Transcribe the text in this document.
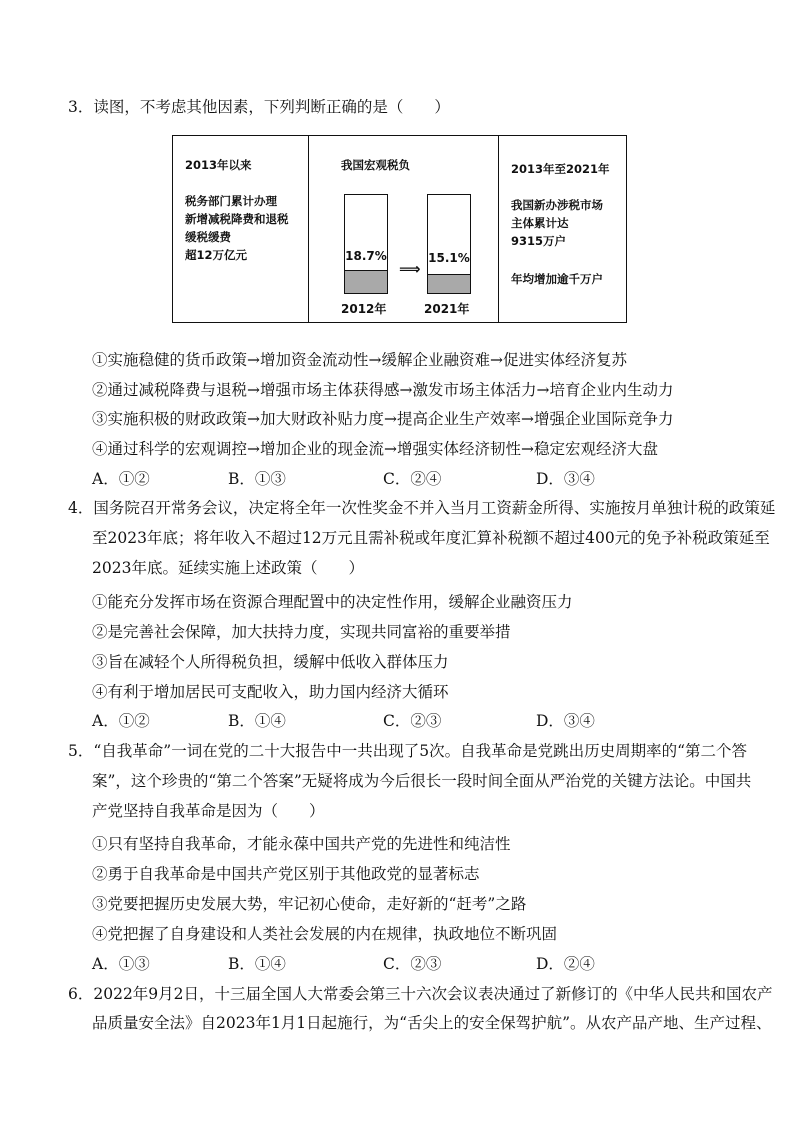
3．读图，不考虑其他因素，下列判断正确的是（　　）
2013年以来
税务部门累计办理
新增减税降费和退税
缓税缓费
超12万亿元
我国宏观税负
18.7%
⟹
15.1%
2012年	2021年
2013年至2021年
我国新办涉税市场
主体累计达
9315万户
年均增加逾千万户
①实施稳健的货币政策→增加资金流动性→缓解企业融资难→促进实体经济复苏
②通过减税降费与退税→增强市场主体获得感→激发市场主体活力→培育企业内生动力
③实施积极的财政政策→加大财政补贴力度→提高企业生产效率→增强企业国际竞争力
④通过科学的宏观调控→增加企业的现金流→增强实体经济韧性→稳定宏观经济大盘
A．①②	B．①③	C．②④	D．③④
4．国务院召开常务会议，决定将全年一次性奖金不并入当月工资薪金所得、实施按月单独计税的政策延
至2023年底；将年收入不超过12万元且需补税或年度汇算补税额不超过400元的免予补税政策延至
2023年底。延续实施上述政策（　　）
①能充分发挥市场在资源合理配置中的决定性作用，缓解企业融资压力
②是完善社会保障，加大扶持力度，实现共同富裕的重要举措
③旨在减轻个人所得税负担，缓解中低收入群体压力
④有利于增加居民可支配收入，助力国内经济大循环
A．①②	B．①④	C．②③	D．③④
5．“自我革命”一词在党的二十大报告中一共出现了5次。自我革命是党跳出历史周期率的“第二个答
案”，这个珍贵的“第二个答案”无疑将成为今后很长一段时间全面从严治党的关键方法论。中国共
产党坚持自我革命是因为（　　）
①只有坚持自我革命，才能永葆中国共产党的先进性和纯洁性
②勇于自我革命是中国共产党区别于其他政党的显著标志
③党要把握历史发展大势，牢记初心使命，走好新的“赶考”之路
④党把握了自身建设和人类社会发展的内在规律，执政地位不断巩固
A．①③	B．①④	C．②③	D．②④
6．2022年9月2日，十三届全国人大常委会第三十六次会议表决通过了新修订的《中华人民共和国农产
品质量安全法》自2023年1月1日起施行，为“舌尖上的安全保驾护航”。从农产品产地、生产过程、
